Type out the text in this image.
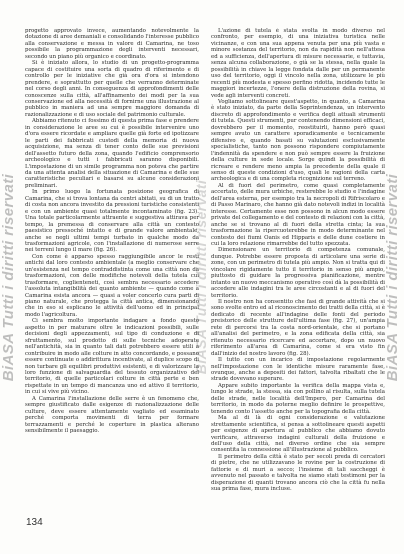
BiASA Tutti i diritti riservati	BiASA Tutti i diritti riservati	BiASA Tutti i diritti riservati

progetto approvato invece, aumentando notevolmente la dotazione di aree demaniali e consolidando l'interesse pubblico alla conservazione e messa in valore di Camarina, ne toso possibile la programmazione degli interventi necessari, secondo un piano più organico e coordinato.

Si è iniziato allora, lo studio di un progetto-programma capace di costituire una sorta di quadro di riferimento e di controllo per le iniziative che già ora d'ora si intendono prendere, e soprattutto per quelle che verranno determinate nel corso degli anni. In conseguenza di approfondimenti delle conoscenze sulla città, all'affinamento dei modi per la sua conservazione ed alla necessità di fornirne una illustrazione al pubblico in maniera ad una sempre maggiore domanda di razionalizzazione e di uso sociale del patrimonio culturale.

Abbiamo ritenuto ci fossimo di questa prima fase e prendere in considerazione le aree su cui è possibile intervenire uno d'ora essere ricordate e ampliare quelle già forte ed ipotizzare le parti dei fabbricati custodi della memoria di nuova acquisizione, ma senza di tener conto delle sue previsioni dell'assetto futuro della zona, quando l'edificio comprensorio archeologico e tutti i fabbricati saranno disponibili. L'impostazione di un simile programma non poteva che partire da una attenta analisi della situazione di Camarina e delle sue caratteristiche peculiari e basarsi su alcune considerazioni preliminari.

In primo luogo la fortunata posizione geografica di Camarina, che si trova lontana da centri abitati, su di un tratto di costa non ancora investito da pressioni turistiche consistenti e con un ambiente quasi totalmente incontaminato (fig. 23). Una totale particolarmente attraente e suggestiva attirava per tempo, la premessa di conservare alla città un contesto paesistico pressoché intatto e di grande valore ambientale, anche se negli ultimi tempi turbato in qualche modo da trasformazioni agricole, con l'installazione di numerose serre nei terreni lungo il mare (fig. 26).

Con come è apparso spesso raggiungibile ancor le resti antichi dal loro contesto ambientale (a meglio conservare che un'esistenza nel tempo contraddistinta come una città non da trasformazioni, con delle modifiche notevoli della tutela cui trasformare, coglienteneti, così sembra necessario accedere l'assoluta intangibilità dei quanto ambiente — quando come a Camarina esista ancora — quasi a voler concerlo cura parti di piano naturale, che protegga la città antica, dimensionando che in eso si esplicano le attività dell'uomo ed in principal modo l'agricoltura.

Ci sembra molto importante indagare a fondo questo aspetto in per maturare oltre le indicazioni possibili, sulle decisioni degli appezzamenti, sul tipo di conduzione e di sfruttamento, sul prodotto di sulle tecniche adoperate nell'antichità, sia in quanto tali dati potrebbero essere utili a contribuire in modo alle colture in atto concordando, e possano essere continuate o addirittura incentivate, al duplice scopo di non turbare gli equilibri produttivi esistenti, e di valorizzare la loro funzione di salvaguardia del tessuto organizzativo del territorio, di quelle particolari colture in città perte e ben rispettate in un tempo di mancanza uno ed attivo il territorio, in cui si vive più vicino.

A Camarina l'installazione delle serre è un fenomeno che, sempre giustificato dalle esigenze di razionalizzazione delle culture, deve essere attentamente vagliato ed esaminato perché comporta movimenti di terra per formare terrazzamenti e perché le coperture in plastica alterano sensibilmente il paesaggio.

L'azione di tutela è stata svolta in modo diverso nel confronto, per esempio, di una iniziativa turistica nelle vicinanze, e con una sua appena venuta per una più vasta e minore sostanza del territorio, non da rapidità non nell'attesa ed a sufficienza, dell'apertura di misure necessarie, e tuttavia, senza alcuna collaborazione, o già se la stessa, nella quale la possibilità in chiave la legge fondata dalle per un permanente uso del territorio, oggi il vincolo nella zona, utilizzare le più recenti più modesta e spesso perfino ridotta, incidendo tutte le maggiori incertezze, l'onere della distruzione della rovina, si vede agli interventi concreti.

Vogliamo sottolineare quest'aspetto, in quanto, a Camarina è stato iniziato, da parte della Soprintendenza, un intervento discreto di approfondimento e verifica degli attuali strumenti di tutela. Questi strumenti, pur contenendo dimensioni efficaci, dovrebbero per il momento, reostituirli, hanno però quasi sempre avuto un carattere sporadicamente e tecnicamente difensivo e, quando basati su valutazioni esclusivamente specialistiche, tanto non possono rispondere compiutamente l'indennità da spendere e non può sempre essere la fruizione della culture in sede locale. Sorge quindi la possibilità di ricreare e rendere meno ampia la precedente della quale il senso di queste condizioni d'uso, quali le ragioni della carta archeologica e di una completa ricognizione sul terreno.

Al di fuori del perimetro, come quasi completamente accertato, delle mura urbiche, resterebbe lo studio e l'indagine dell'area esterna, per esempio tra la necropoli di Rifriscolaro e di Passo Marinaro, che hanno già dato notevoli indizi in località interesse. Certamente esse non possono in alcun modo essere private del collegamento e del contesto di relazioni con la città, anche se si trovano al di fuori della stretta cinta; la sua trasformazione la ripercuoterebbe in modo determinante nel contesto dei fiumi Oanis ed Hipparis e delle dune costiere in cui la loro relazione rimarrebbe del tutto spezzata.

Dimensionare un territorio di competenza comunale, dunque. Potrebbe essere proposta di articolare una serie di zone, con un perimetro di tutela più ampio. Non si tratta qui di vincolare rigidamente tutto il territorio in senso più ampio, piuttosto di guidare la progressiva pianificazione, mentre intanto un nuovo meccanismo operativo così dà la possibilità di accedere alle indagini tra le aree circostanti e al di fuori del territorio.

Il nostro non ha consentito che fasi di grande attività che si sono svolte entro ed al riconoscimento dei tratti della città, si è dedicato di recente all'indagine delle fonti del periodo preistorico delle strutture dell'ultima fase (fig. 27), un'ampia rete di percorsi tra la costa nord-orientale, che si portano all'analisi del perimetro, e la zona edificata della città, sia ritenuto necessario ricercare ed accertare, dopo un nuovo riferimento all'area di Camarina, come si era visto fin dall'inizio del nostro lavoro (fig. 28).

Il tutto con un incarico di impostazione regolarmente nell'impostazione con le identiche misure raramente fase, ovunque, anche a depositi dei fattori, talvolta ribaltati che le strade dovevano superare.

Appare subito importante la verifica della mappa vista e, lungo le strade, la stessa, sia con pollino al risulta, sulla tutela delle strade, nelle località dell'Impero, per Camarina del territorio, in modo da poterne meglio definire le prospettive, tenendo conto l'assetto anche per la topografia della città.

Ma al di là di ogni considerazione e valutazione strettamente scientifica, si pensa a sottolineare questi aspetti per esigenze di apertura al pubblico che abbiamo dovuto verificare, attraverso indagini culturali della fruizione e dell'uso della città, nel diverso ordine che sia sempre consentita la connessione all'illustrazione al pubblico.

Il perimetro della città è stato per secoli preda di cercatori di pietre, che ne utilizzavano le rovine per la costruzione di fattorie e di muri a secco; l'insieme di tali saccheggi è avvenuto nel passato e talvolta ne siamo stati testimoni per la disperazione di quanti trovano ancora ciò che la città fu nella sua prima fase, mura incluse.

134
